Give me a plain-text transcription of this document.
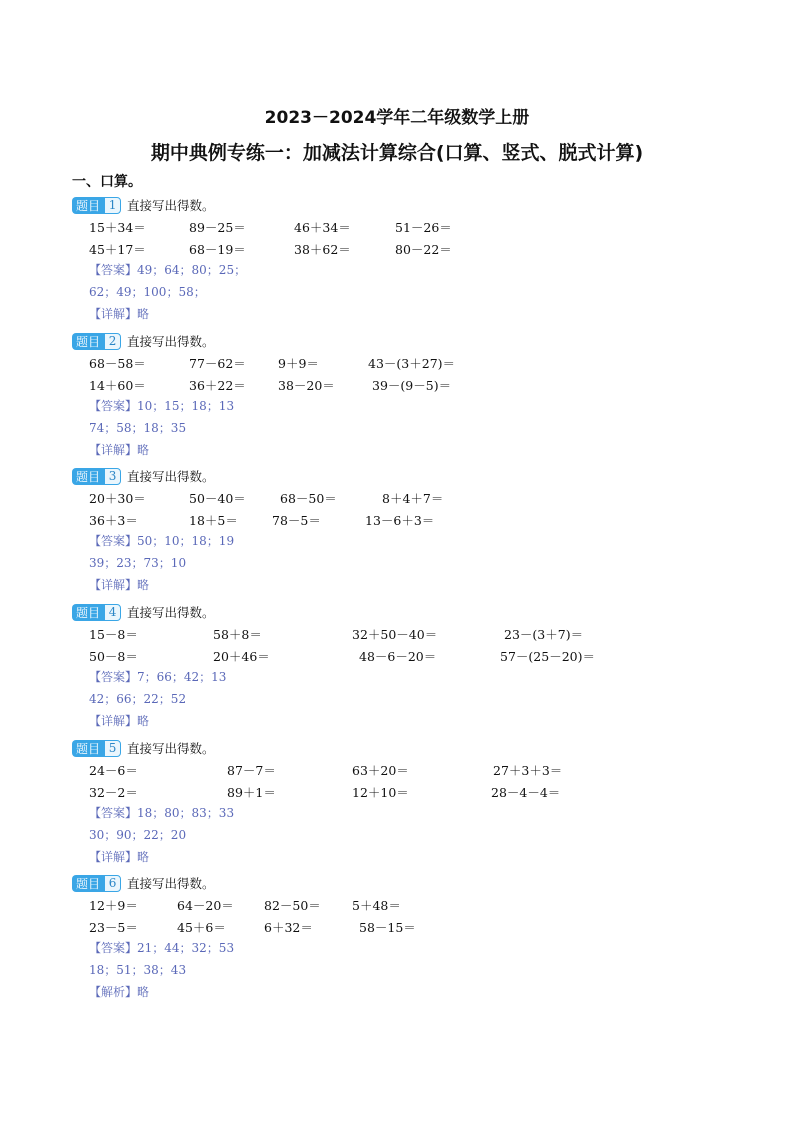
2023－2024学年二年级数学上册
期中典例专练一：加减法计算综合(口算、竖式、脱式计算)
一、口算。
题目 1 直接写出得数。
15＋34＝	89－25＝	46＋34＝	51－26＝
45＋17＝	68－19＝	38＋62＝	80－22＝
【答案】49；64；80；25；
62；49；100；58；
【详解】略
题目 2 直接写出得数。
68－58＝	77－62＝	9＋9＝	43－(3＋27)＝
14＋60＝	36＋22＝	38－20＝	39－(9－5)＝
【答案】10；15；18；13
74；58；18；35
【详解】略
题目 3 直接写出得数。
20＋30＝	50－40＝	68－50＝	8＋4＋7＝
36＋3＝	18＋5＝	78－5＝	13－6＋3＝
【答案】50；10；18；19
39；23；73；10
【详解】略
题目 4 直接写出得数。
15－8＝	58＋8＝	32＋50－40＝	23－(3＋7)＝
50－8＝	20＋46＝	48－6－20＝	57－(25－20)＝
【答案】7；66；42；13
42；66；22；52
【详解】略
题目 5 直接写出得数。
24－6＝	87－7＝	63＋20＝	27＋3＋3＝
32－2＝	89＋1＝	12＋10＝	28－4－4＝
【答案】18；80；83；33
30；90；22；20
【详解】略
题目 6 直接写出得数。
12＋9＝	64－20＝ 82－50＝ 5＋48＝
23－5＝	45＋6＝	6＋32＝	58－15＝
【答案】21；44；32；53
18；51；38；43
【解析】略
